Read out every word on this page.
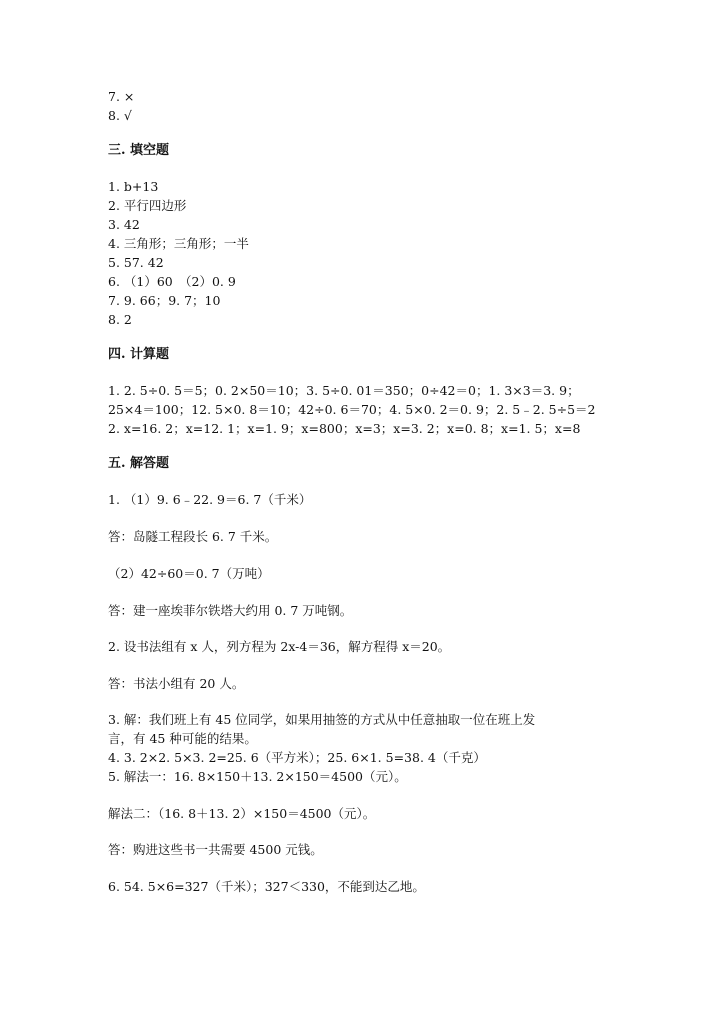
7. ×

8. √

三. 填空题

1. b+13

2. 平行四边形

3. 42

4. 三角形；三角形；一半

5. 57. 42

6. （1）60　（2）0. 9

7. 9. 66；9. 7；10

8. 2

四. 计算题

1. 2. 5÷0. 5＝5；0. 2×50＝10；3. 5÷0. 01＝350；0÷42＝0；1. 3×3＝3. 9；

25×4＝100；12. 5×0. 8＝10；42÷0. 6＝70；4. 5×0. 2＝0. 9；2. 5﹣2. 5÷5＝2

2. x=16. 2；x=12. 1；x=1. 9；x=800；x=3；x=3. 2；x=0. 8；x=1. 5；x=8

五. 解答题

1. （1）9. 6﹣22. 9＝6. 7（千米）

答：岛隧工程段长 6. 7 千米。

（2）42÷60＝0. 7（万吨）

答：建一座埃菲尔铁塔大约用 0. 7 万吨钢。

2. 设书法组有 x 人，列方程为 2x-4＝36，解方程得 x＝20。

答：书法小组有 20 人。

3. 解：我们班上有 45 位同学，如果用抽签的方式从中任意抽取一位在班上发

言，有 45 种可能的结果。

4. 3. 2×2. 5×3. 2=25. 6（平方米）；25. 6×1. 5=38. 4（千克）

5. 解法一：16. 8×150＋13. 2×150＝4500（元）。

解法二：（16. 8＋13. 2）×150＝4500（元）。

答：购进这些书一共需要 4500 元钱。

6. 54. 5×6=327（千米）；327＜330，不能到达乙地。
